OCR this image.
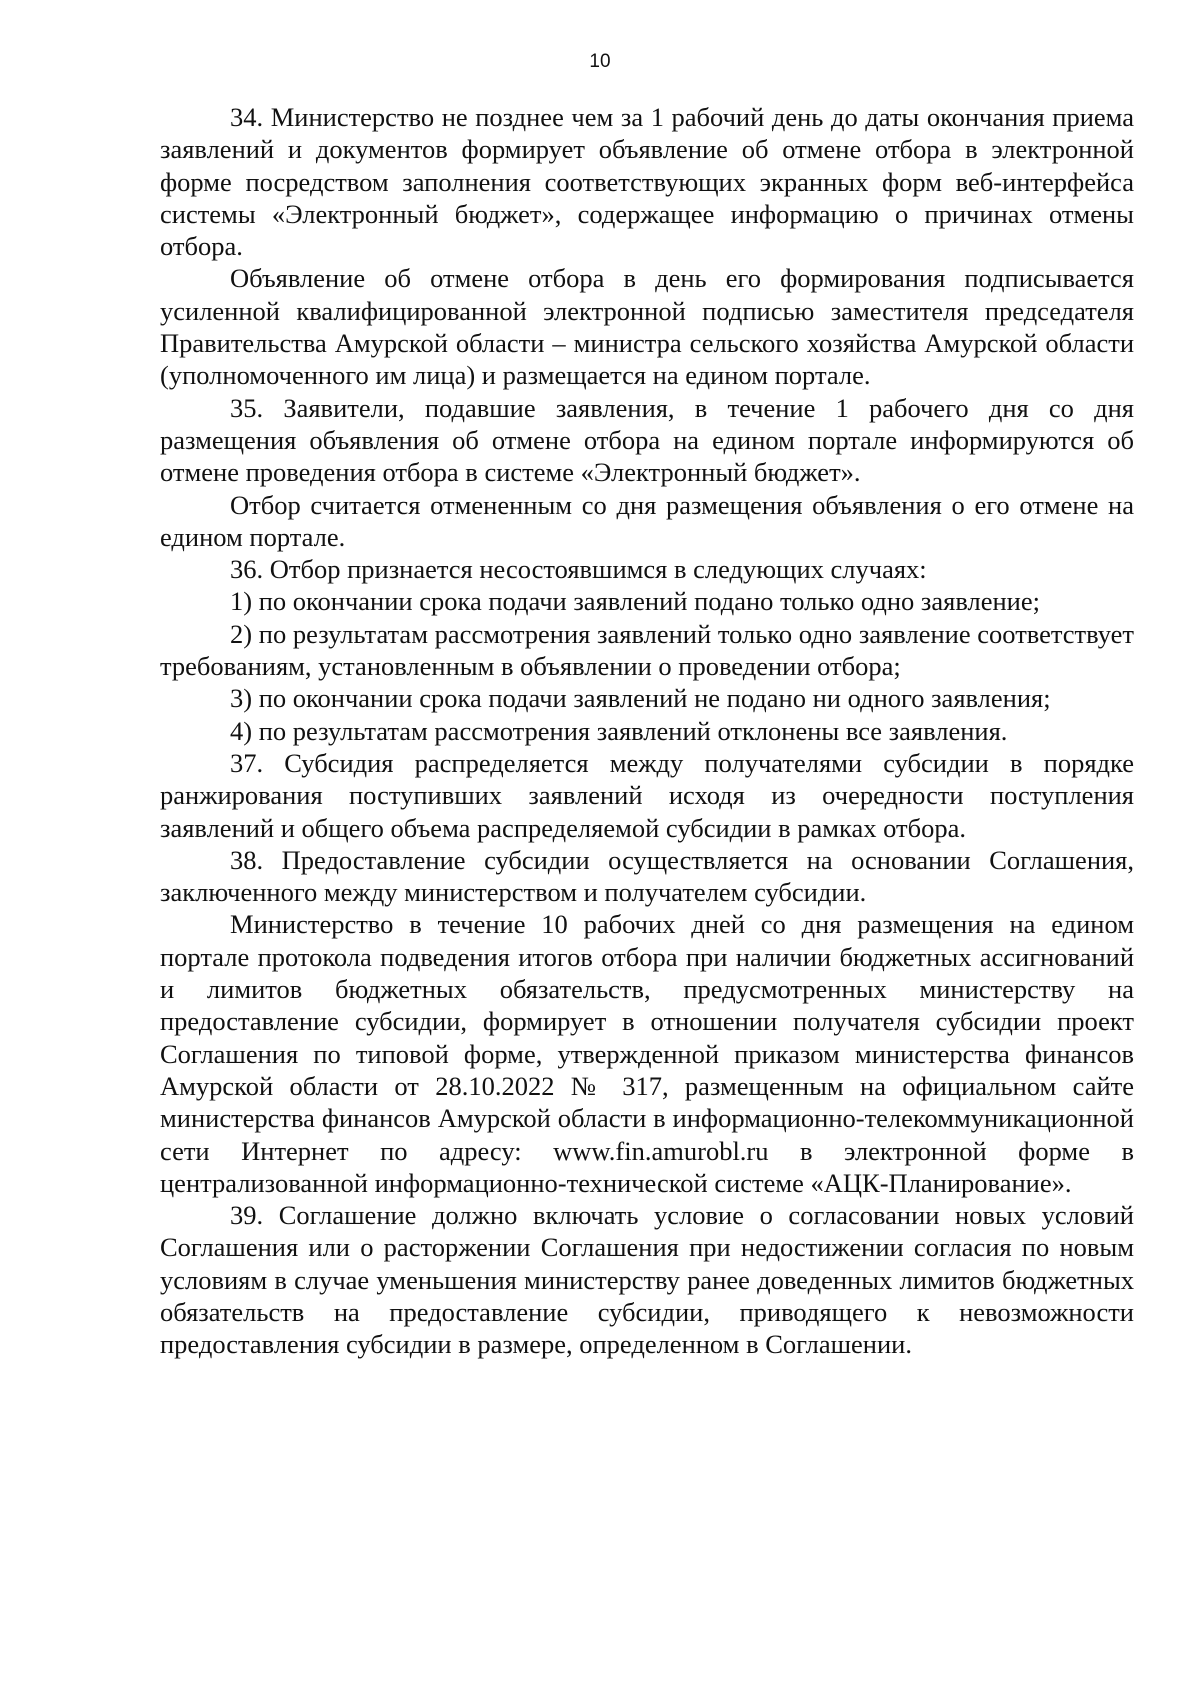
10

34. Министерство не позднее чем за 1 рабочий день до даты окончания приема заявлений и документов формирует объявление об отмене отбора в электронной форме посредством заполнения соответствующих экранных форм веб-интерфейса системы «Электронный бюджет», содержащее информацию о причинах отмены отбора.

Объявление об отмене отбора в день его формирования подписывается усиленной квалифицированной электронной подписью заместителя председателя Правительства Амурской области – министра сельского хозяйства Амурской области (уполномоченного им лица) и размещается на едином портале.

35. Заявители, подавшие заявления, в течение 1 рабочего дня со дня размещения объявления об отмене отбора на едином портале информируются об отмене проведения отбора в системе «Электронный бюджет».

Отбор считается отмененным со дня размещения объявления о его отмене на едином портале.

36. Отбор признается несостоявшимся в следующих случаях:

1) по окончании срока подачи заявлений подано только одно заявление;

2) по результатам рассмотрения заявлений только одно заявление соответствует требованиям, установленным в объявлении о проведении отбора;

3) по окончании срока подачи заявлений не подано ни одного заявления;

4) по результатам рассмотрения заявлений отклонены все заявления.

37. Субсидия распределяется между получателями субсидии в порядке ранжирования поступивших заявлений исходя из очередности поступления заявлений и общего объема распределяемой субсидии в рамках отбора.

38. Предоставление субсидии осуществляется на основании Соглашения, заключенного между министерством и получателем субсидии.

Министерство в течение 10 рабочих дней со дня размещения на едином портале протокола подведения итогов отбора при наличии бюджетных ассигнований и лимитов бюджетных обязательств, предусмотренных министерству на предоставление субсидии, формирует в отношении получателя субсидии проект Соглашения по типовой форме, утвержденной приказом министерства финансов Амурской области от 28.10.2022 № 317, размещенным на официальном сайте министерства финансов Амурской области в информационно-телекоммуникационной сети Интернет по адресу: www.fin.amurobl.ru в электронной форме в централизованной информационно-технической системе «АЦК-Планирование».

39. Соглашение должно включать условие о согласовании новых условий Соглашения или о расторжении Соглашения при недостижении согласия по новым условиям в случае уменьшения министерству ранее доведенных лимитов бюджетных обязательств на предоставление субсидии, приводящего к невозможности предоставления субсидии в размере, определенном в Соглашении.
